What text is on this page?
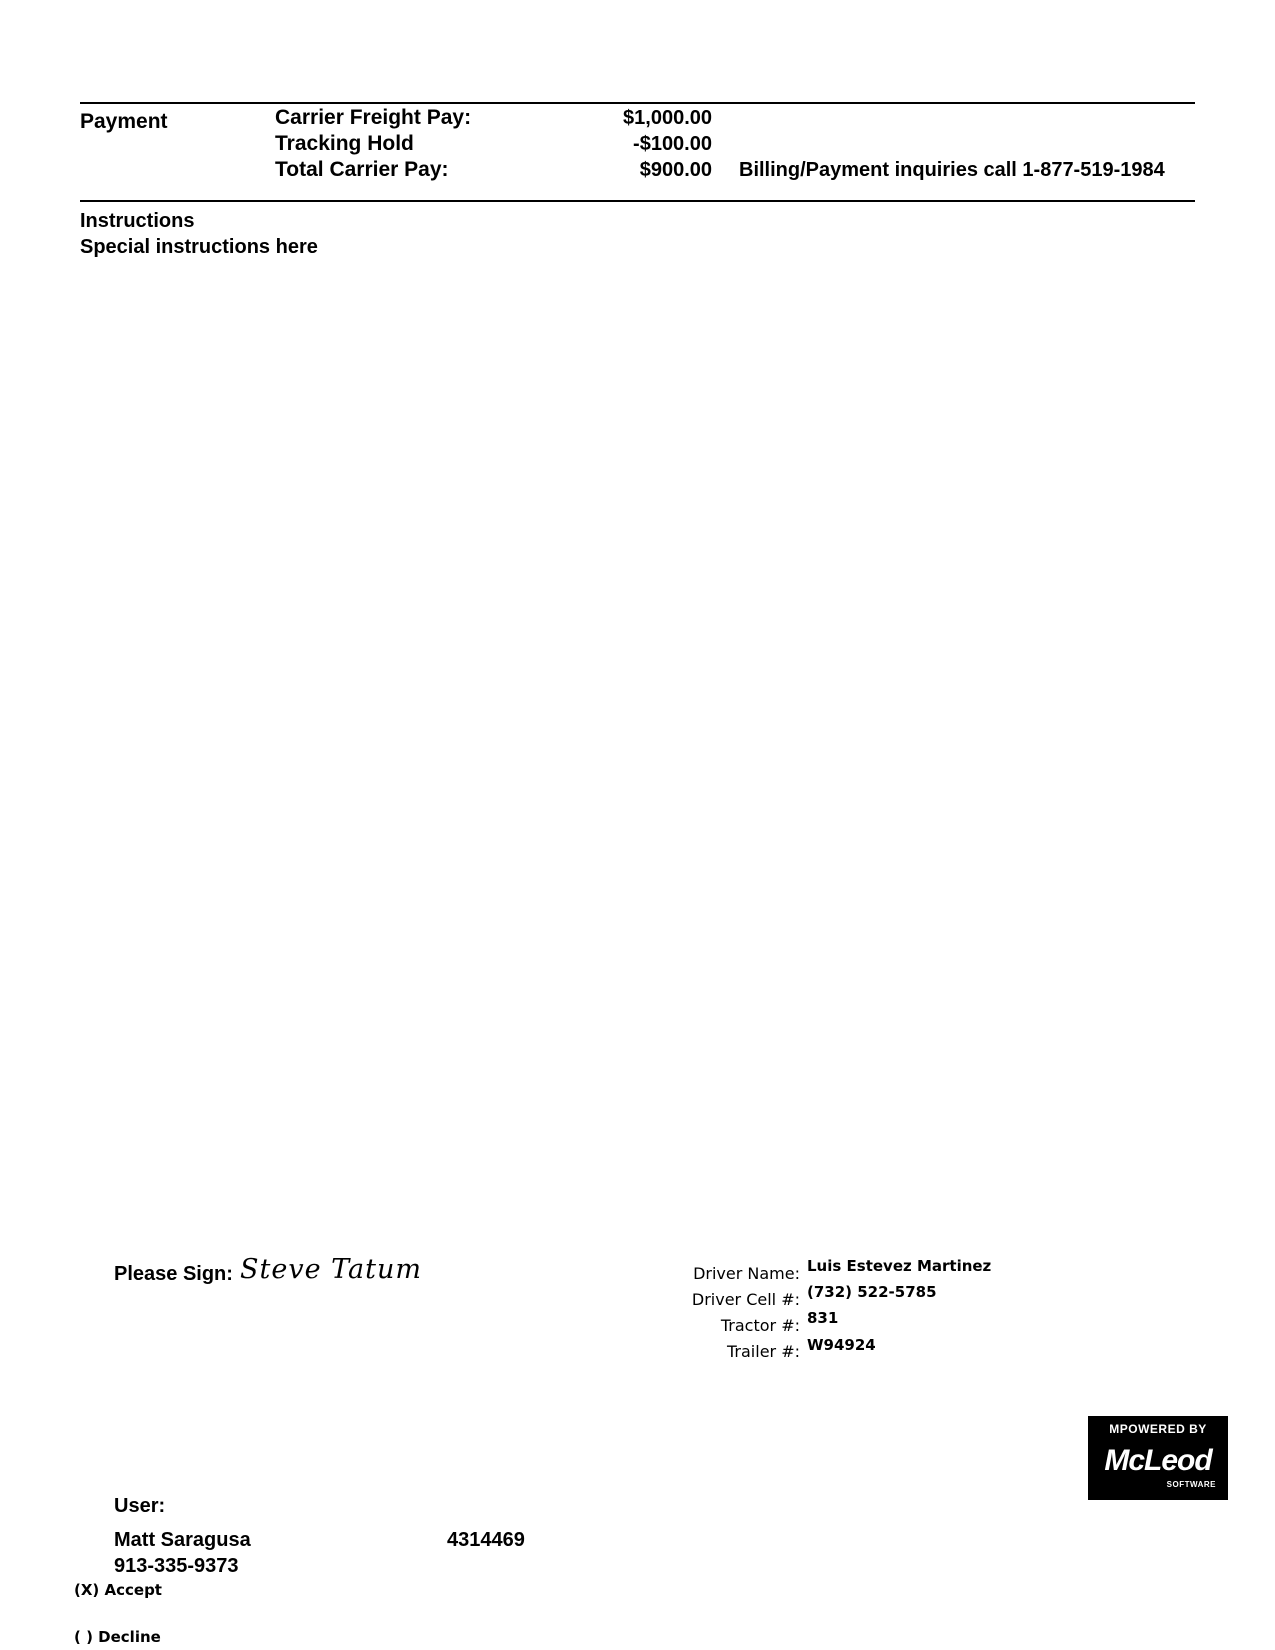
Payment	Carrier Freight Pay:	$1,000.00
Tracking Hold	-$100.00
Total Carrier Pay:	$900.00 Billing/Payment inquiries call 1-877-519-1984
Instructions
Special instructions here
Please Sign: Steve Tatum	Driver Name: Luis Estevez Martinez
Driver Cell #: (732) 522-5785
Tractor #: 831
Trailer #: W94924
MPOWERED BY
McLeod
SOFTWARE
User:
Matt Saragusa	4314469
913-335-9373
(X) Accept
( ) Decline
